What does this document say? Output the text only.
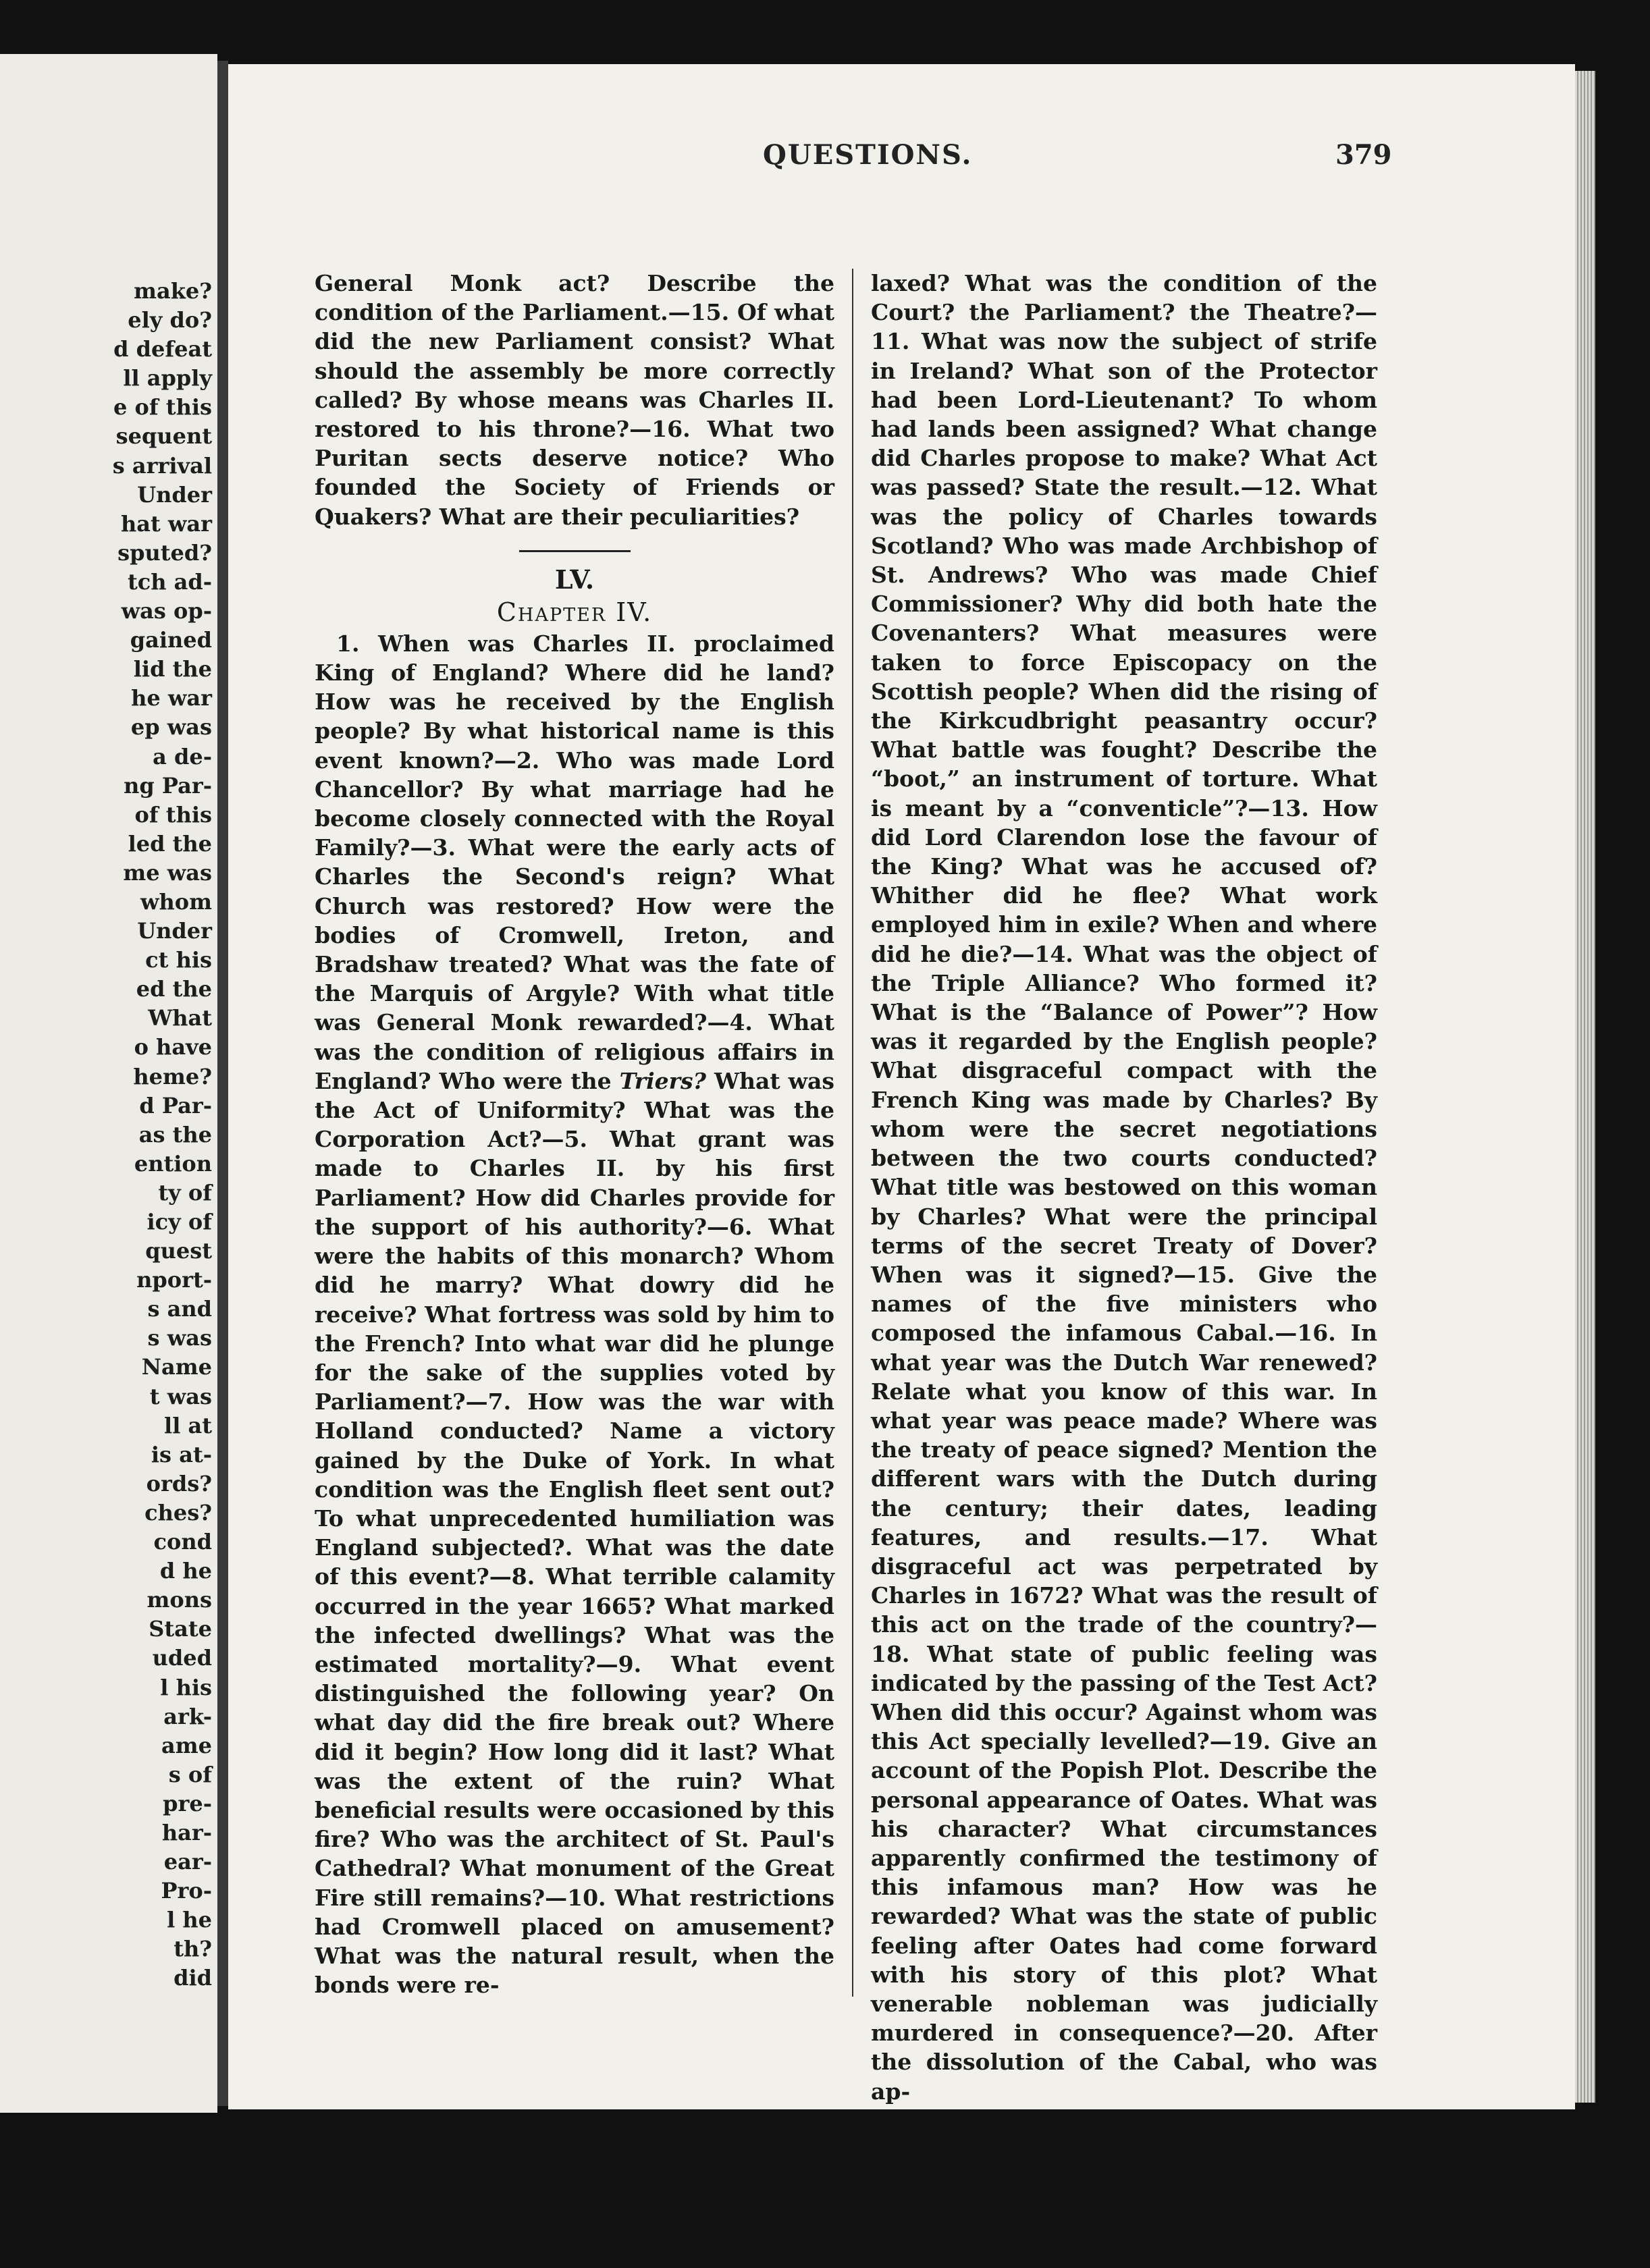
make?
ely do?
d defeat
ll apply
e of this
sequent
s arrival
Under
hat war
sputed?
tch ad-
was op-
gained
lid the
he war
ep was
a de-
ng Par-
of this
led the
me was
whom
Under
ct his
ed the
What
o have
heme?
d Par-
as the
ention
ty of
icy of
quest
nport-
s and
s was
Name
t was
ll at
is at-
ords?
ches?
cond
d he
mons
State
uded
l his
ark-
ame
s of
pre-
har-
ear-
Pro-
l he
th?
did
QUESTIONS.	379

General Monk act? Describe the condition of the Parliament.—15. Of what did the new Parliament consist? What should the assembly be more correctly called? By whose means was Charles II. restored to his throne?—16. What two Puritan sects deserve notice? Who founded the Society of Friends or Quakers? What are their peculiarities?

LV.

Chapter IV.

1. When was Charles II. proclaimed King of England? Where did he land? How was he received by the English people? By what historical name is this event known?—2. Who was made Lord Chancellor? By what marriage had he become closely connected with the Royal Family?—3. What were the early acts of Charles the Second's reign? What Church was restored? How were the bodies of Cromwell, Ireton, and Bradshaw treated? What was the fate of the Marquis of Argyle? With what title was General Monk rewarded?—4. What was the condition of religious affairs in England? Who were the Triers? What was the Act of Uniformity? What was the Corporation Act?—5. What grant was made to Charles II. by his first Parliament? How did Charles provide for the support of his authority?—6. What were the habits of this monarch? Whom did he marry? What dowry did he receive? What fortress was sold by him to the French? Into what war did he plunge for the sake of the supplies voted by Parliament?—7. How was the war with Holland conducted? Name a victory gained by the Duke of York. In what condition was the English fleet sent out? To what unprecedented humiliation was England subjected?. What was the date of this event?—8. What terrible calamity occurred in the year 1665? What marked the infected dwellings? What was the estimated mortality?—9. What event distinguished the following year? On what day did the fire break out? Where did it begin? How long did it last? What was the extent of the ruin? What beneficial results were occasioned by this fire? Who was the architect of St. Paul's Cathedral? What monument of the Great Fire still remains?—10. What restrictions had Cromwell placed on amusement? What was the natural result, when the bonds were re-

laxed? What was the condition of the Court? the Parliament? the Theatre?—11. What was now the subject of strife in Ireland? What son of the Protector had been Lord-Lieutenant? To whom had lands been assigned? What change did Charles propose to make? What Act was passed? State the result.—12. What was the policy of Charles towards Scotland? Who was made Archbishop of St. Andrews? Who was made Chief Commissioner? Why did both hate the Covenanters? What measures were taken to force Episcopacy on the Scottish people? When did the rising of the Kirkcudbright peasantry occur? What battle was fought? Describe the “boot,” an instrument of torture. What is meant by a “conventicle”?—13. How did Lord Clarendon lose the favour of the King? What was he accused of? Whither did he flee? What work employed him in exile? When and where did he die?—14. What was the object of the Triple Alliance? Who formed it? What is the “Balance of Power”? How was it regarded by the English people? What disgraceful compact with the French King was made by Charles? By whom were the secret negotiations between the two courts conducted? What title was bestowed on this woman by Charles? What were the principal terms of the secret Treaty of Dover? When was it signed?—15. Give the names of the five ministers who composed the infamous Cabal.—16. In what year was the Dutch War renewed? Relate what you know of this war. In what year was peace made? Where was the treaty of peace signed? Mention the different wars with the Dutch during the century; their dates, leading features, and results.—17. What disgraceful act was perpetrated by Charles in 1672? What was the result of this act on the trade of the country?—18. What state of public feeling was indicated by the passing of the Test Act? When did this occur? Against whom was this Act specially levelled?—19. Give an account of the Popish Plot. Describe the personal appearance of Oates. What was his character? What circumstances apparently confirmed the testimony of this infamous man? How was he rewarded? What was the state of public feeling after Oates had come forward with his story of this plot? What venerable nobleman was judicially murdered in consequence?—20. After the dissolution of the Cabal, who was ap-
